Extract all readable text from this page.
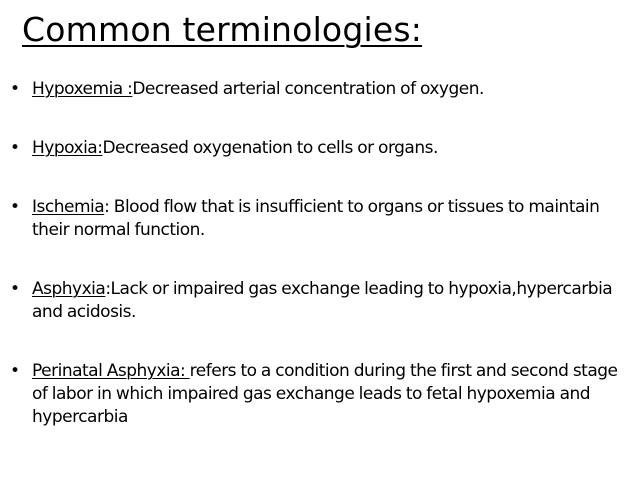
Common terminologies:
• Hypoxemia :Decreased arterial concentration of oxygen.
• Hypoxia:Decreased oxygenation to cells or organs.
• Ischemia: Blood flow that is insufficient to organs or tissues to maintain their normal function.
• Asphyxia:Lack or impaired gas exchange leading to hypoxia,hypercarbia and acidosis.
• Perinatal Asphyxia: refers to a condition during the first and second stage of labor in which impaired gas exchange leads to fetal hypoxemia and hypercarbia
